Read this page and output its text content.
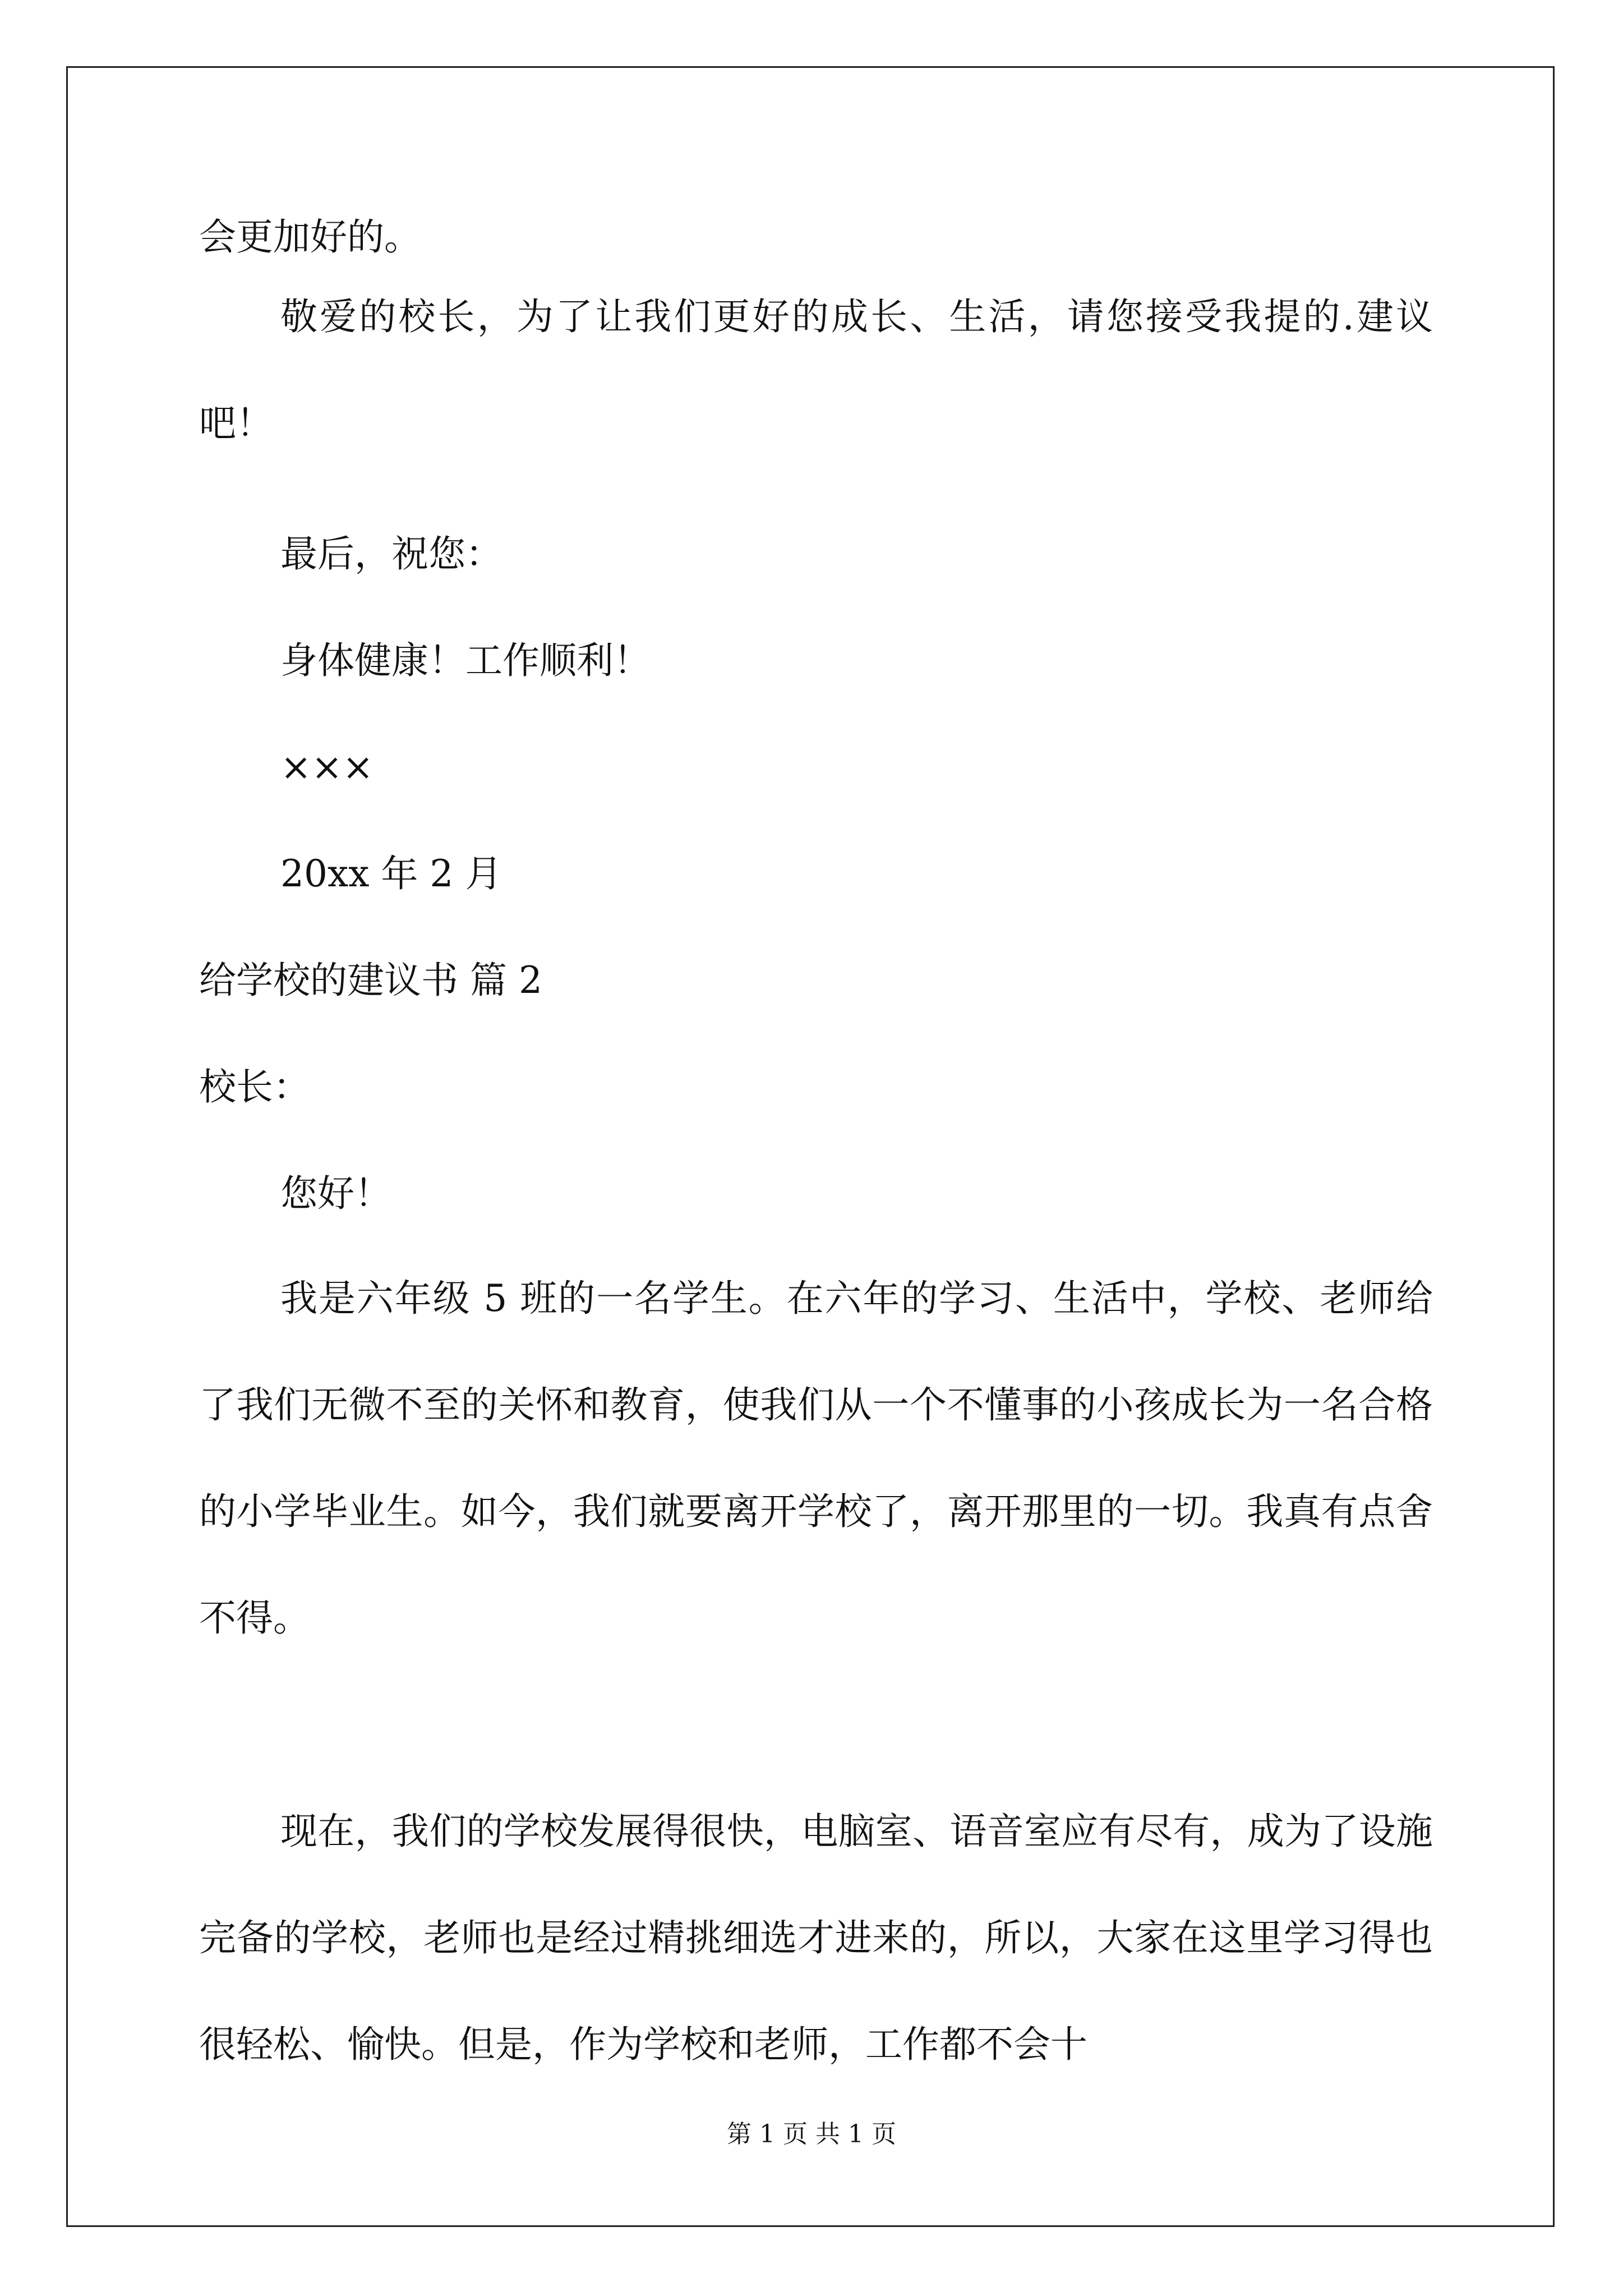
会更加好的。
敬爱的校长，为了让我们更好的成长、生活，请您接受我提的.建议吧！
最后，祝您：
身体健康！工作顺利！
×××
20xx 年 2 月
给学校的建议书 篇 2
校长：
您好！
我是六年级 5 班的一名学生。在六年的学习、生活中，学校、老师给了我们无微不至的关怀和教育，使我们从一个不懂事的小孩成长为一名合格的小学毕业生。如今，我们就要离开学校了，离开那里的一切。我真有点舍不得。
现在，我们的学校发展得很快，电脑室、语音室应有尽有，成为了设施完备的学校，老师也是经过精挑细选才进来的，所以，大家在这里学习得也很轻松、愉快。但是，作为学校和老师，工作都不会十
第 1 页 共 1 页
